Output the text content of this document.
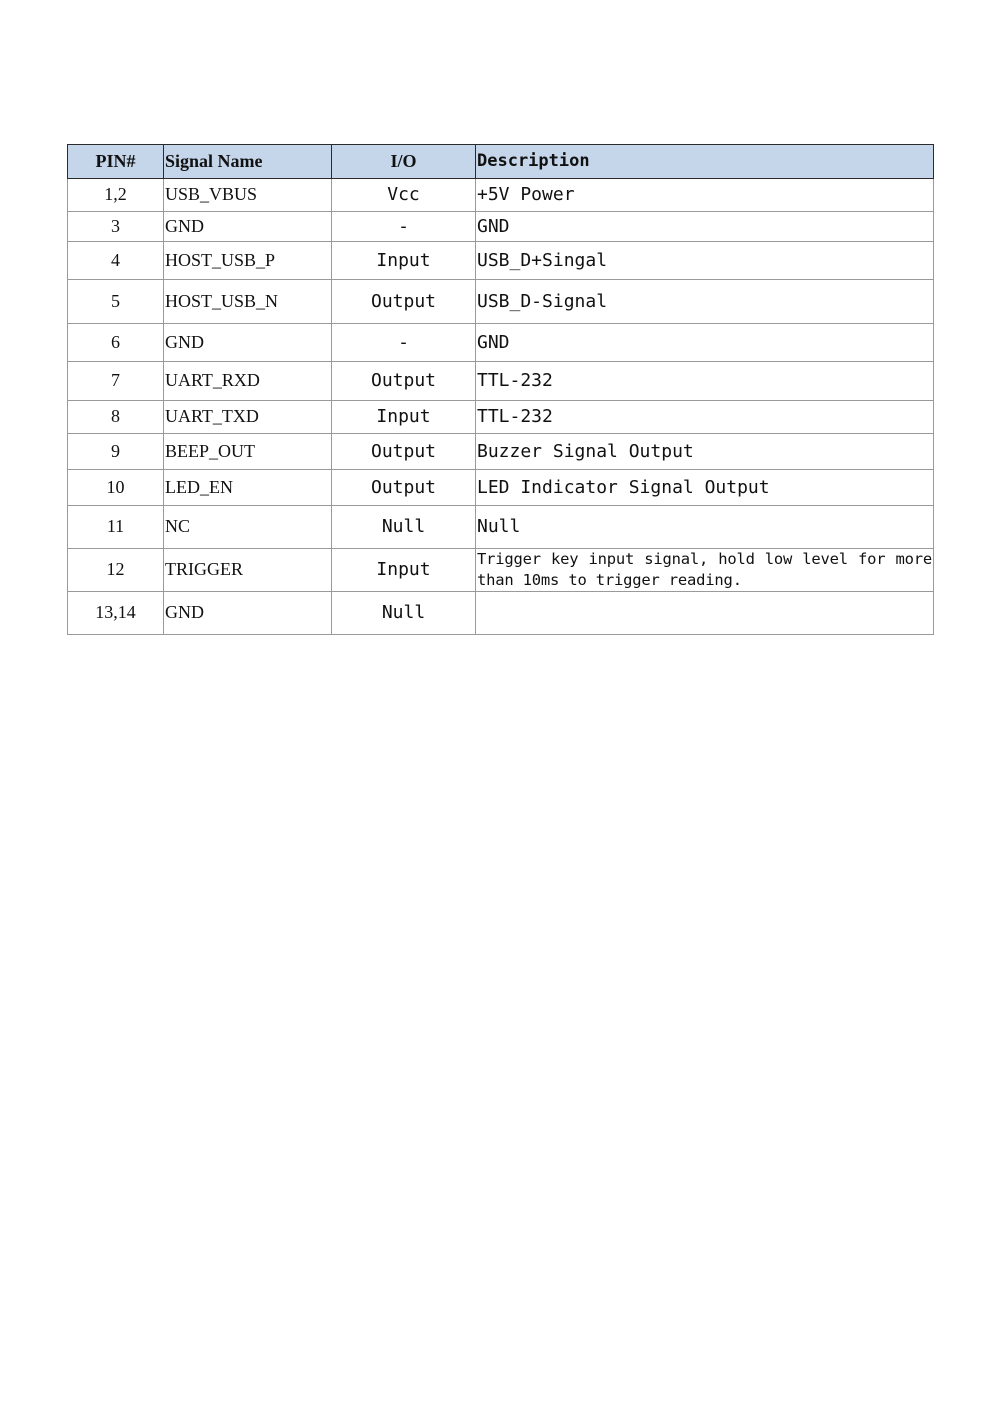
PIN#	Signal Name	I/O	Description
1,2	USB_VBUS	Vcc	+5V Power
3	GND	-	GND
4	HOST_USB_P	Input	USB_D+Singal
5	HOST_USB_N	Output	USB_D-Signal
6	GND	-	GND
7	UART_RXD	Output	TTL-232
8	UART_TXD	Input	TTL-232
9	BEEP_OUT	Output	Buzzer Signal Output
10	LED_EN	Output	LED Indicator Signal Output
11	NC	Null	Null
12	TRIGGER	Input	Trigger key input signal, hold low level for more than 10ms to trigger reading.
13,14	GND	Null	
